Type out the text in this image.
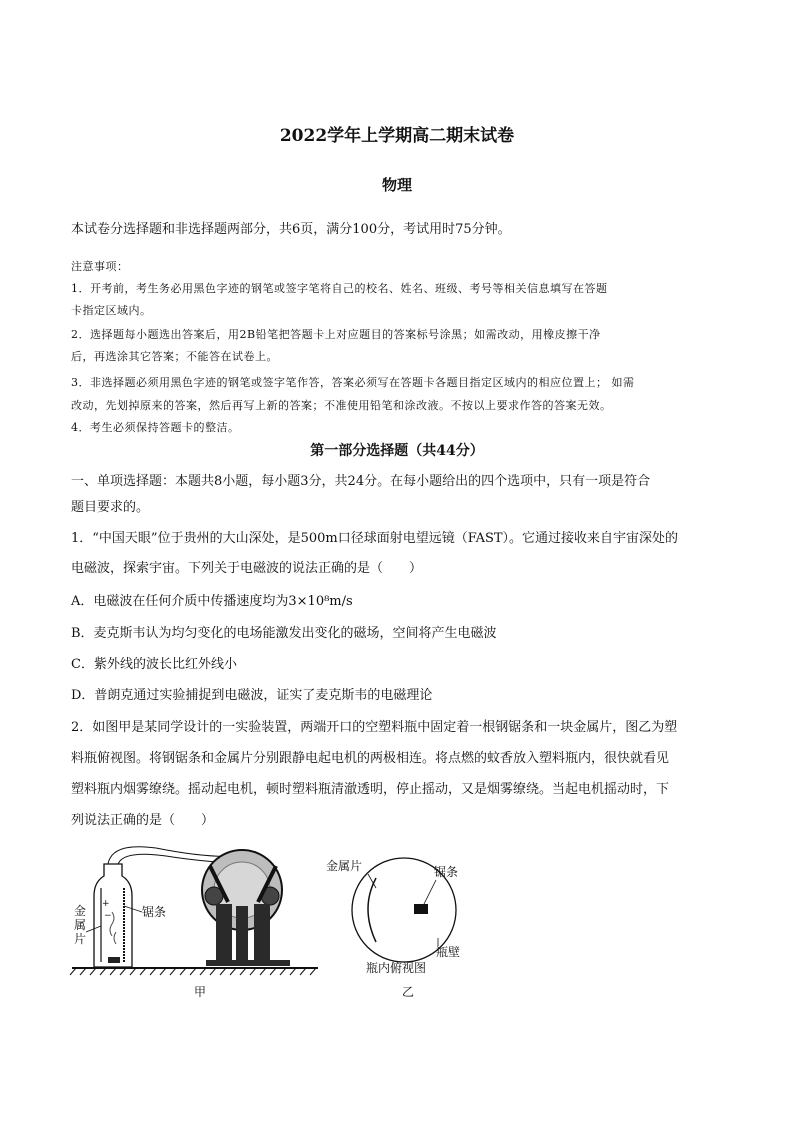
2022学年上学期高二期末试卷
物理
本试卷分选择题和非选择题两部分，共6页，满分100分，考试用时75分钟。
注意事项：
1．开考前，考生务必用黑色字迹的钢笔或签字笔将自己的校名、姓名、班级、考号等相关信息填写在答题
卡指定区域内。
2．选择题每小题选出答案后，用2B铅笔把答题卡上对应题目的答案标号涂黑；如需改动，用橡皮擦干净
后，再选涂其它答案；不能答在试卷上。
3．非选择题必须用黑色字迹的钢笔或签字笔作答，答案必须写在答题卡各题目指定区域内的相应位置上； 如需
改动，先划掉原来的答案，然后再写上新的答案；不准使用铅笔和涂改液。不按以上要求作答的答案无效。
4．考生必须保持答题卡的整洁。
第一部分选择题（共44分）
一、单项选择题：本题共8小题，每小题3分，共24分。在每小题给出的四个选项中，只有一项是符合
题目要求的。
1．“中国天眼”位于贵州的大山深处，是500m口径球面射电望远镜（FAST）。它通过接收来自宇宙深处的
电磁波，探索宇宙。下列关于电磁波的说法正确的是（　　）
A．电磁波在任何介质中传播速度均为3×10⁸m/s
B．麦克斯韦认为均匀变化的电场能激发出变化的磁场，空间将产生电磁波
C．紫外线的波长比红外线小
D．普朗克通过实验捕捉到电磁波，证实了麦克斯韦的电磁理论
2．如图甲是某同学设计的一实验装置，两端开口的空塑料瓶中固定着一根钢锯条和一块金属片，图乙为塑
料瓶俯视图。将钢锯条和金属片分别跟静电起电机的两极相连。将点燃的蚊香放入塑料瓶内，很快就看见
塑料瓶内烟雾缭绕。摇动起电机，顿时塑料瓶清澈透明，停止摇动，又是烟雾缭绕。当起电机摇动时，下
列说法正确的是（　　）
+
−
金
属
片
锯条
甲
金属片	锯条
瓶壁
瓶内俯视图
乙
